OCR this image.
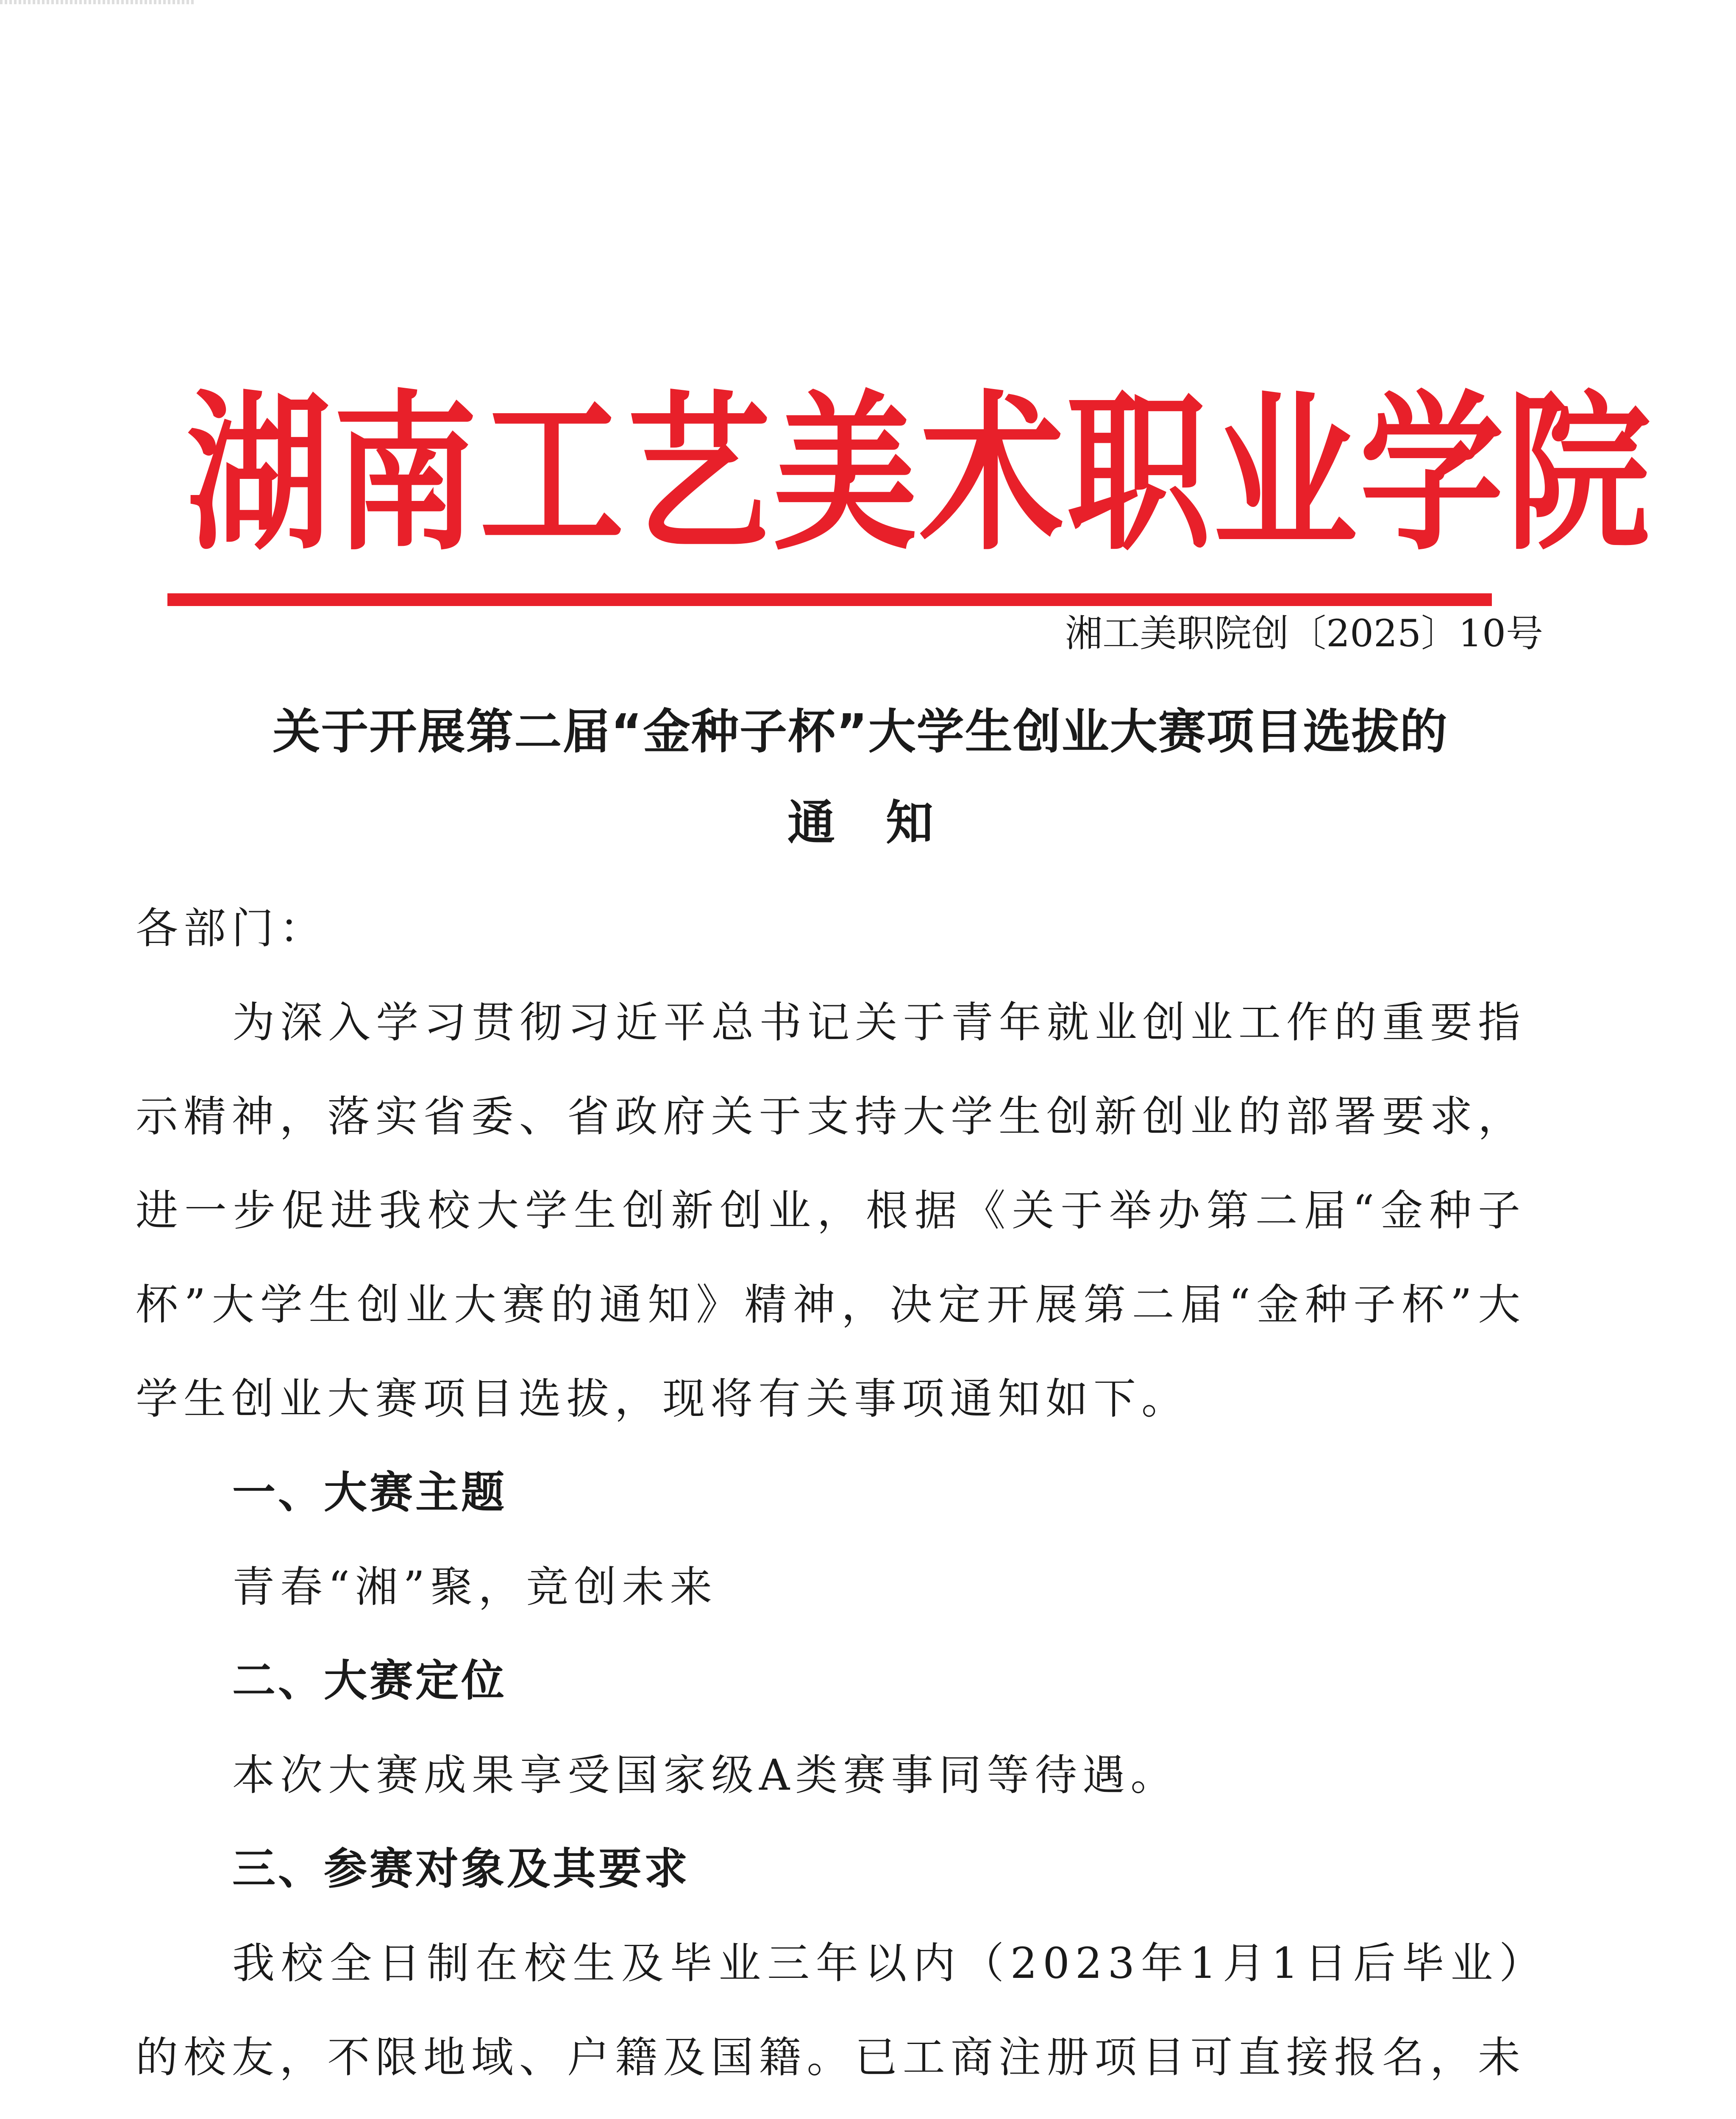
湖南工艺美术职业学院
湘工美职院创〔2025〕10号
关于开展第二届“金种子杯”大学生创业大赛项目选拔的
通知

各部门：

为深入学习贯彻习近平总书记关于青年就业创业工作的重要指示精神，落实省委、省政府关于支持大学生创新创业的部署要求，进一步促进我校大学生创新创业，根据《关于举办第二届“金种子杯”大学生创业大赛的通知》精神，决定开展第二届“金种子杯”大学生创业大赛项目选拔，现将有关事项通知如下。

一、大赛主题

青春“湘”聚，竞创未来

二、大赛定位

本次大赛成果享受国家级A类赛事同等待遇。

三、参赛对象及其要求

我校全日制在校生及毕业三年以内（2023年1月1日后毕业）的校友，不限地域、户籍及国籍。已工商注册项目可直接报名，未
